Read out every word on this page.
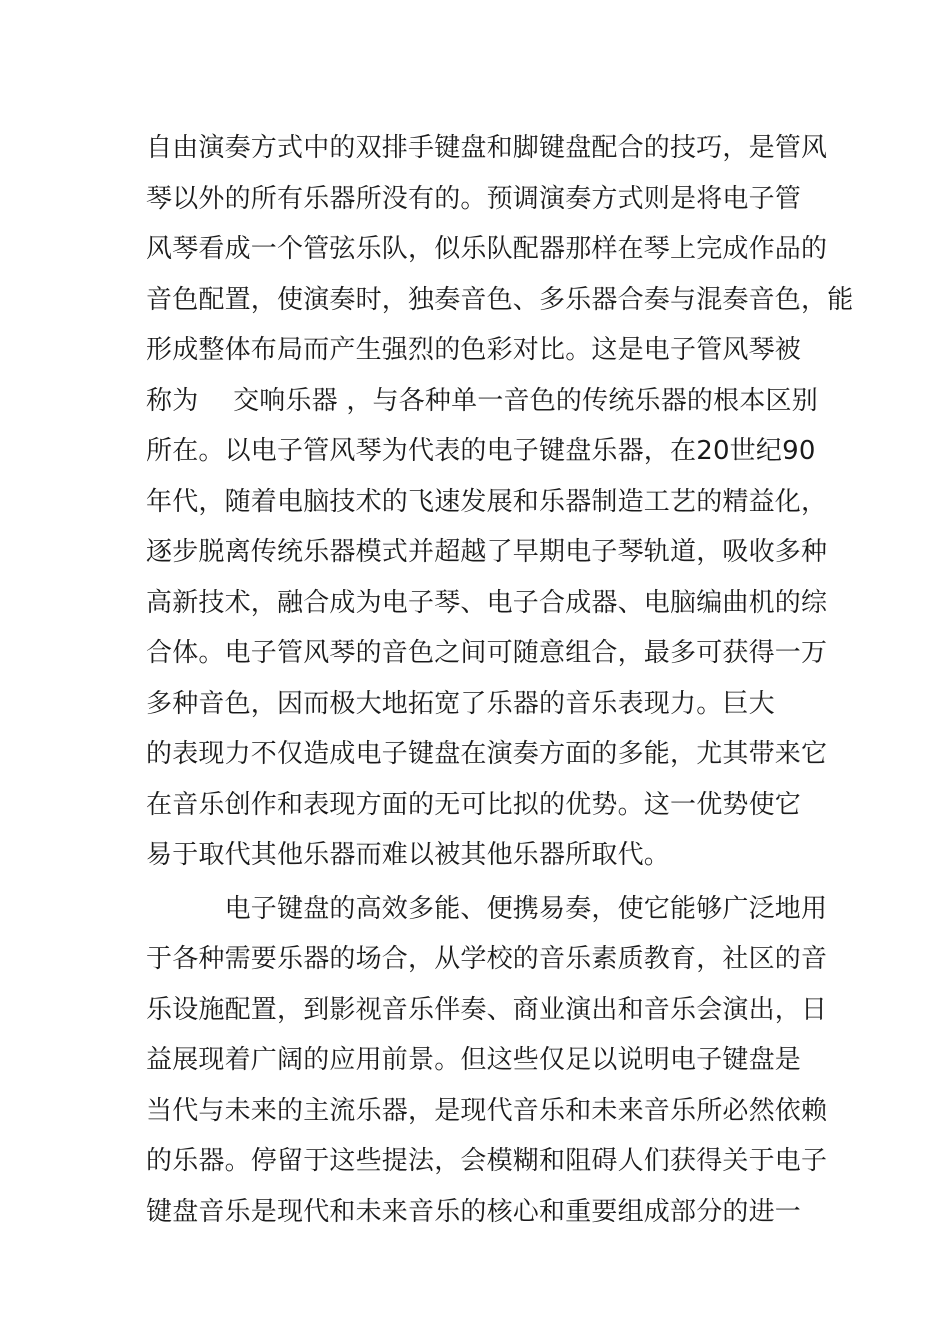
自由演奏方式中的双排手键盘和脚键盘配合的技巧，是管风
琴以外的所有乐器所没有的。预调演奏方式则是将电子管
风琴看成一个管弦乐队，似乐队配器那样在琴上完成作品的
音色配置，使演奏时，独奏音色、多乐器合奏与混奏音色，能
形成整体布局而产生强烈的色彩对比。这是电子管风琴被
称为　 交响乐器 ，与各种单一音色的传统乐器的根本区别
所在。以电子管风琴为代表的电子键盘乐器，在20世纪90
年代，随着电脑技术的飞速发展和乐器制造工艺的精益化，
逐步脱离传统乐器模式并超越了早期电子琴轨道，吸收多种
高新技术，融合成为电子琴、电子合成器、电脑编曲机的综
合体。电子管风琴的音色之间可随意组合，最多可获得一万
多种音色，因而极大地拓宽了乐器的音乐表现力。巨大
的表现力不仅造成电子键盘在演奏方面的多能，尤其带来它
在音乐创作和表现方面的无可比拟的优势。这一优势使它
易于取代其他乐器而难以被其他乐器所取代。
　　　电子键盘的高效多能、便携易奏，使它能够广泛地用
于各种需要乐器的场合，从学校的音乐素质教育，社区的音
乐设施配置，到影视音乐伴奏、商业演出和音乐会演出，日
益展现着广阔的应用前景。但这些仅足以说明电子键盘是
当代与未来的主流乐器，是现代音乐和未来音乐所必然依赖
的乐器。停留于这些提法，会模糊和阻碍人们获得关于电子
键盘音乐是现代和未来音乐的核心和重要组成部分的进一
